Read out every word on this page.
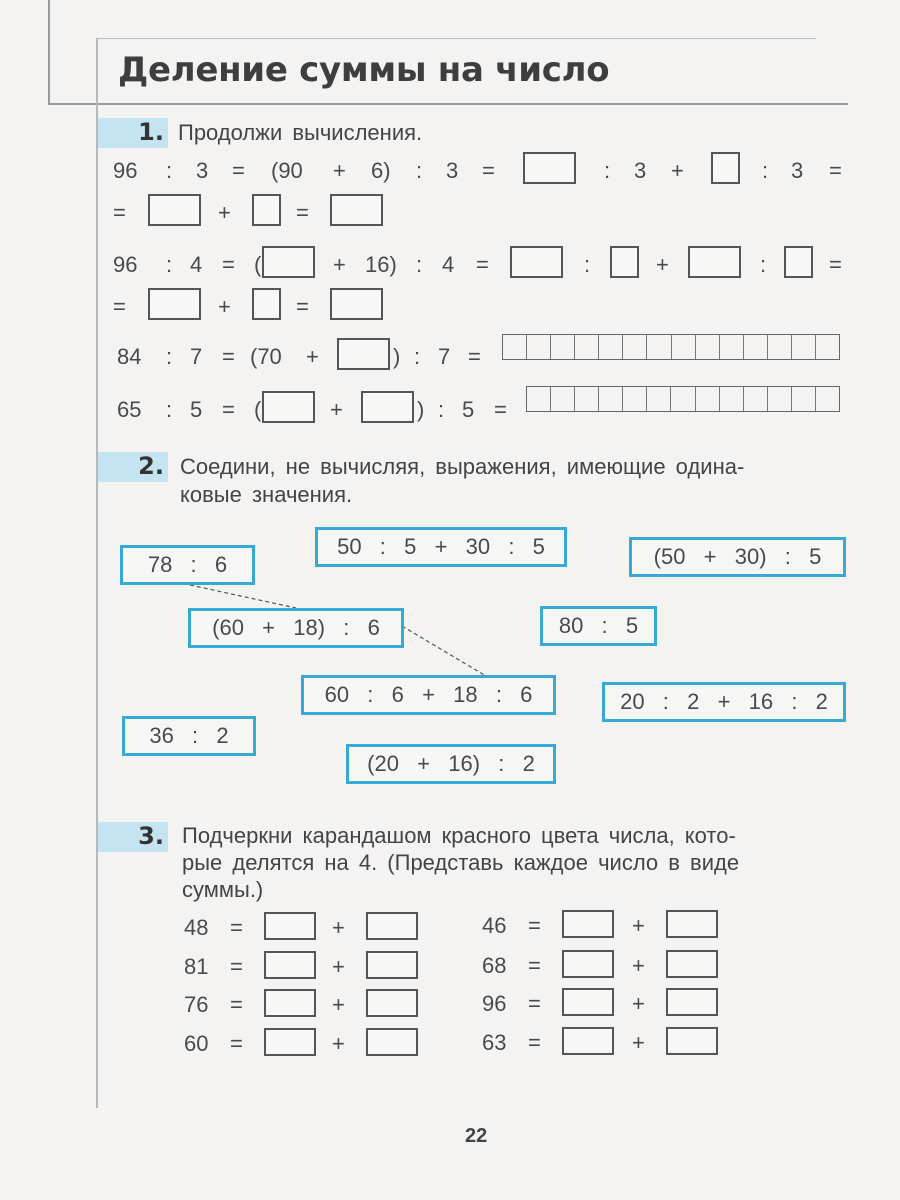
Деление суммы на число
1. Продолжи вычисления.
96 : 3 = (90 + 6) : 3 =	: 3 +	: 3 =
=	+	=
96 : 4 = (	+ 16) : 4 =	:	+	:	=
=	+	=
84 : 7 = (70 +	) : 7 =
65 : 5 = (	+	) : 5 =
2. Соедини, не вычисляя, выражения, имеющие одина-
ковые значения.
78  :  6
50  :  5  +  30  :  5	(50  +  30)  :  5
(60  +  18)  :  6	80  :  5
60  :  6  +  18  :  6	20  :  2  +  16  :  2
36  :  2
(20  +  16)  :  2
3. Подчеркни карандашом красного цвета числа, кото-
рые делятся на 4. (Представь каждое число в виде
суммы.)
48 =	+
81 =	+
76 =	+
60 =	+
46 =	+
68 =	+
96 =	+
63 =	+
22
